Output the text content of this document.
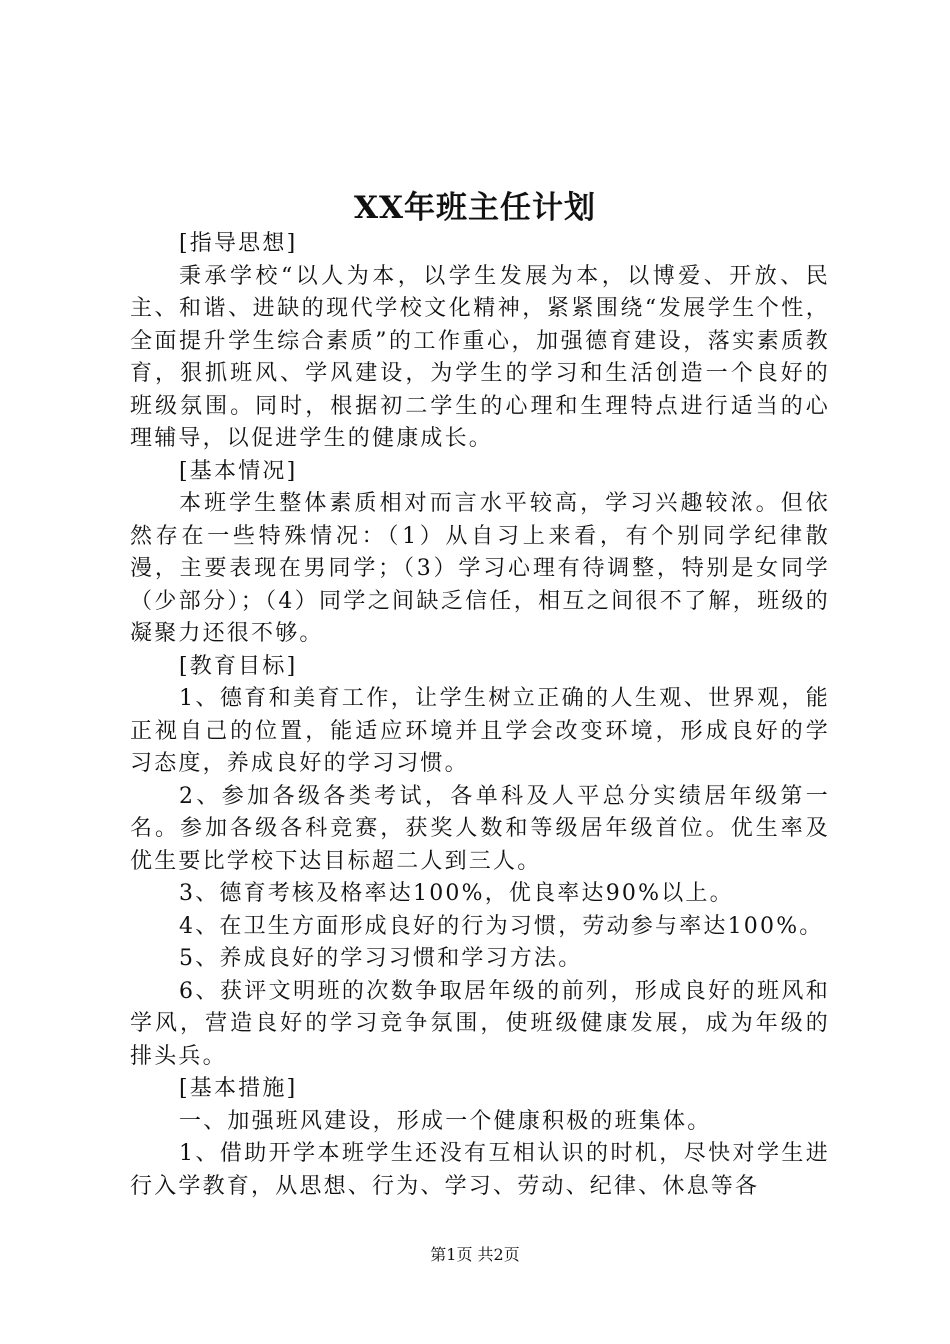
XX年班主任计划

[指导思想]

秉承学校“以人为本，以学生发展为本，以博爱、开放、民主、和谐、进缺的现代学校文化精神，紧紧围绕“发展学生个性，全面提升学生综合素质”的工作重心，加强德育建设，落实素质教育，狠抓班风、学风建设，为学生的学习和生活创造一个良好的班级氛围。同时，根据初二学生的心理和生理特点进行适当的心理辅导，以促进学生的健康成长。

[基本情况]

本班学生整体素质相对而言水平较高，学习兴趣较浓。但依然存在一些特殊情况：（1）从自习上来看，有个别同学纪律散漫，主要表现在男同学；（3）学习心理有待调整，特别是女同学（少部分）；（4）同学之间缺乏信任，相互之间很不了解，班级的凝聚力还很不够。

[教育目标]

1、德育和美育工作，让学生树立正确的人生观、世界观，能正视自己的位置，能适应环境并且学会改变环境，形成良好的学习态度，养成良好的学习习惯。

2、参加各级各类考试，各单科及人平总分实绩居年级第一名。参加各级各科竞赛，获奖人数和等级居年级首位。优生率及优生要比学校下达目标超二人到三人。

3、德育考核及格率达100%，优良率达90%以上。

4、在卫生方面形成良好的行为习惯，劳动参与率达100%。

5、养成良好的学习习惯和学习方法。

6、获评文明班的次数争取居年级的前列，形成良好的班风和学风，营造良好的学习竞争氛围，使班级健康发展，成为年级的排头兵。

[基本措施]

一、加强班风建设，形成一个健康积极的班集体。

1、借助开学本班学生还没有互相认识的时机，尽快对学生进行入学教育，从思想、行为、学习、劳动、纪律、休息等各

第1页 共2页
